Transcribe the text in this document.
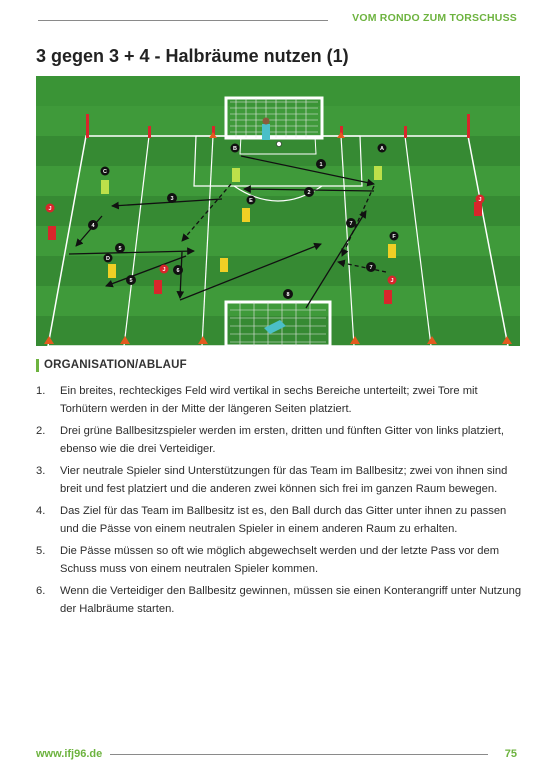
VOM RONDO ZUM TORSCHUSS
3 gegen 3 + 4 - Halbräume nutzen (1)
C
B	A
D
E
F
J
J
J
J
1
2
3
4
5
6	7
8
5
7
ORGANISATION/ABLAUF
1.	Ein breites, rechteckiges Feld wird vertikal in sechs Bereiche unterteilt; zwei Tore mit Torhütern werden in der Mitte der längeren Seiten platziert.
2.	Drei grüne Ballbesitzspieler werden im ersten, dritten und fünften Gitter von links platziert, ebenso wie die drei Verteidiger.
3.	Vier neutrale Spieler sind Unterstützungen für das Team im Ballbesitz; zwei von ihnen sind breit und fest platziert und die anderen zwei können sich frei im ganzen Raum bewegen.
4.	Das Ziel für das Team im Ballbesitz ist es, den Ball durch das Gitter unter ihnen zu passen und die Pässe von einem neutralen Spieler in einem anderen Raum zu erhalten.
5.	Die Pässe müssen so oft wie möglich abgewechselt werden und der letzte Pass vor dem Schuss muss von einem neutralen Spieler kommen.
6.	Wenn die Verteidiger den Ballbesitz gewinnen, müssen sie einen Konterangriff unter Nutzung der Halbräume starten.
www.ifj96.de	75
